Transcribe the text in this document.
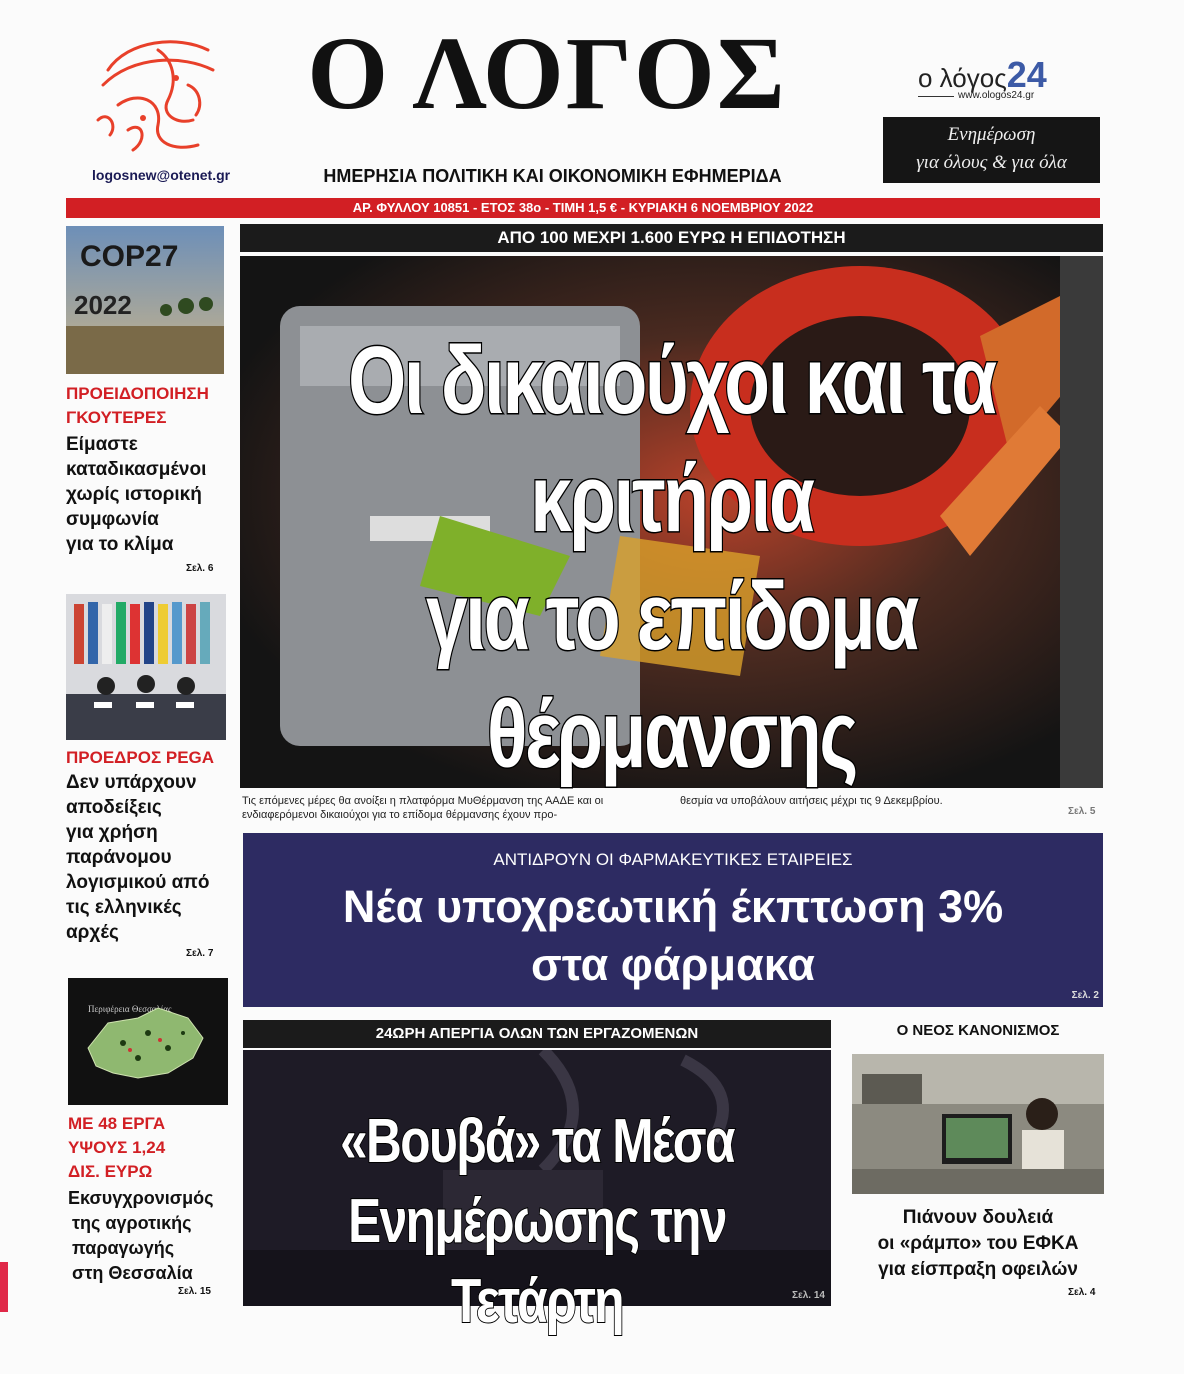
logosnew@otenet.gr
Ο ΛΟΓΟΣ
ΗΜΕΡΗΣΙΑ ΠΟΛΙΤΙΚΗ ΚΑΙ ΟΙΚΟΝΟΜΙΚΗ ΕΦΗΜΕΡΙΔΑ
ο λόγος24
www.ologos24.gr
Ενημέρωση
για όλους & για όλα
ΑΡ. ΦΥΛΛΟΥ 10851 - ΕΤΟΣ 38ο - ΤΙΜΗ 1,5 € - ΚΥΡΙΑΚΗ 6 ΝΟΕΜΒΡΙΟΥ 2022
COP27
2022
ΠΡΟΕΙΔΟΠΟΙΗΣΗ
ΓΚΟΥΤΕΡΕΣ
Είμαστε
καταδικασμένοι
χωρίς ιστορική
συμφωνία
για το κλίμα
Σελ. 6
ΠΡΟΕΔΡΟΣ PEGA
Δεν υπάρχουν
αποδείξεις
για χρήση
παράνομου
λογισμικού από
τις ελληνικές
αρχές
Σελ. 7
Περιφέρεια Θεσσαλίας
ΜΕ 48 ΕΡΓΑ
ΥΨΟΥΣ 1,24
ΔΙΣ. ΕΥΡΩ
Εκσυγχρονισμός
της αγροτικής
παραγωγής
στη Θεσσαλία
Σελ. 15
ΑΠΟ 100 ΜΕΧΡΙ 1.600 ΕΥΡΩ Η ΕΠΙΔΟΤΗΣΗ
Οι δικαιούχοι και τα κριτήρια
για το επίδομα θέρμανσης
Τις επόμενες μέρες θα ανοίξει η πλατφόρμα ΜυΘέρμανση της ΑΑΔΕ και οι ενδιαφερόμενοι δικαιούχοι για το επίδομα θέρμανσης έχουν προ-
θεσμία να υποβάλουν αιτήσεις μέχρι τις 9 Δεκεμβρίου.
Σελ. 5
ΑΝΤΙΔΡΟΥΝ ΟΙ ΦΑΡΜΑΚΕΥΤΙΚΕΣ ΕΤΑΙΡΕΙΕΣ
Νέα υποχρεωτική έκπτωση 3%
στα φάρμακα
Σελ. 2
24ΩΡΗ ΑΠΕΡΓΙΑ ΟΛΩΝ ΤΩΝ ΕΡΓΑΖΟΜΕΝΩΝ
«Βουβά» τα Μέσα
Ενημέρωσης την Τετάρτη	Σελ. 14
Ο ΝΕΟΣ ΚΑΝΟΝΙΣΜΟΣ
Πιάνουν δουλειά
οι «ράμπο» του ΕΦΚΑ
για είσπραξη οφειλών
Σελ. 4
